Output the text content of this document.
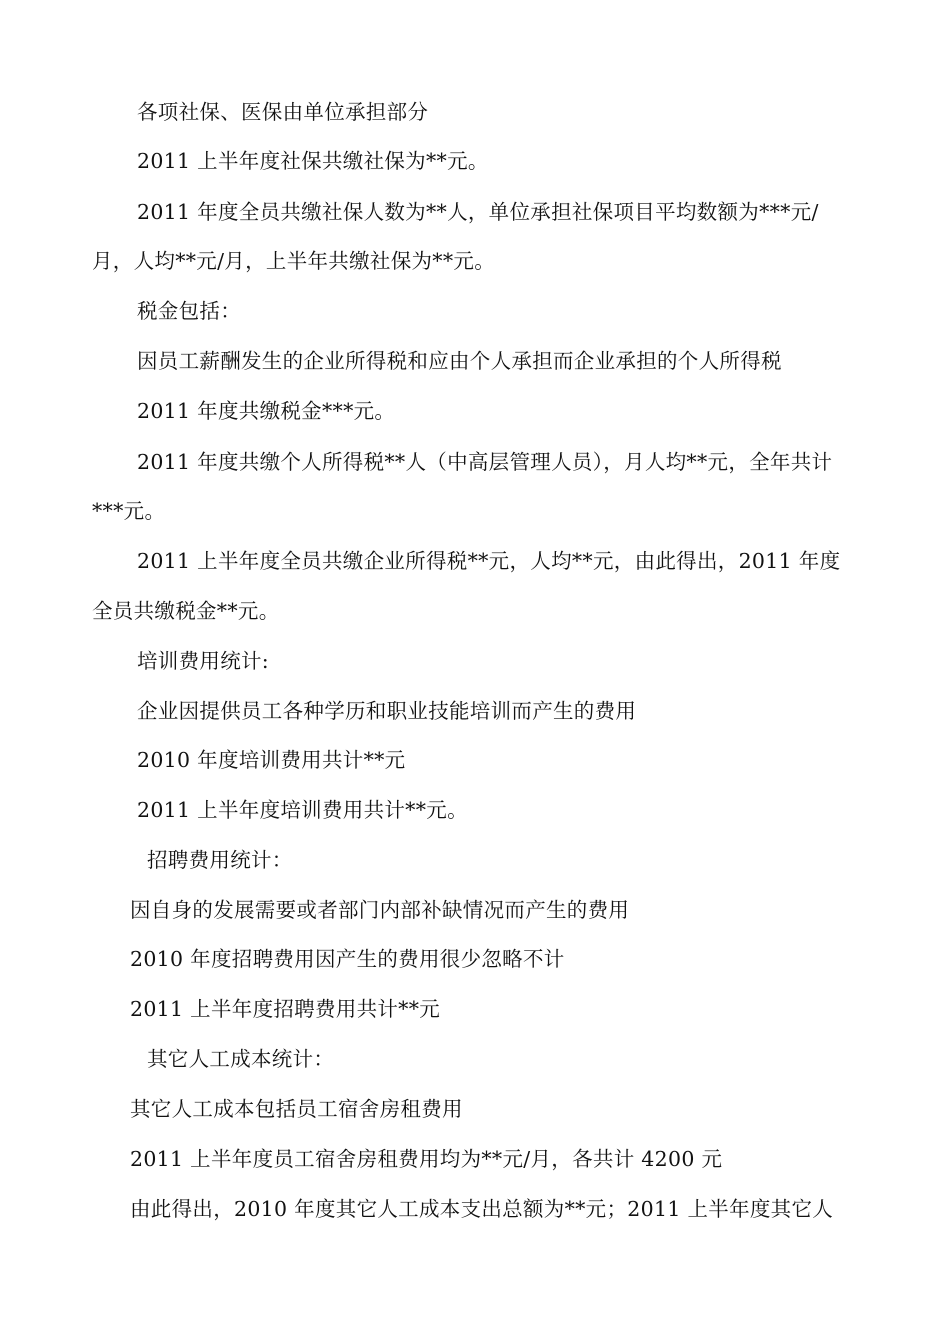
各项社保、医保由单位承担部分
2011 上半年度社保共缴社保为**元。
2011 年度全员共缴社保人数为**人，单位承担社保项目平均数额为***元/
月，人均**元/月，上半年共缴社保为**元。
税金包括：
因员工薪酬发生的企业所得税和应由个人承担而企业承担的个人所得税
2011 年度共缴税金***元。
2011 年度共缴个人所得税**人（中高层管理人员），月人均**元，全年共计
***元。
2011 上半年度全员共缴企业所得税**元，人均**元，由此得出，2011 年度
全员共缴税金**元。
培训费用统计:
企业因提供员工各种学历和职业技能培训而产生的费用
2010 年度培训费用共计**元
2011 上半年度培训费用共计**元。
招聘费用统计：
因自身的发展需要或者部门内部补缺情况而产生的费用
2010 年度招聘费用因产生的费用很少忽略不计
2011 上半年度招聘费用共计**元
其它人工成本统计：
其它人工成本包括员工宿舍房租费用
2011 上半年度员工宿舍房租费用均为**元/月，各共计 4200 元
由此得出，2010 年度其它人工成本支出总额为**元；2011 上半年度其它人
